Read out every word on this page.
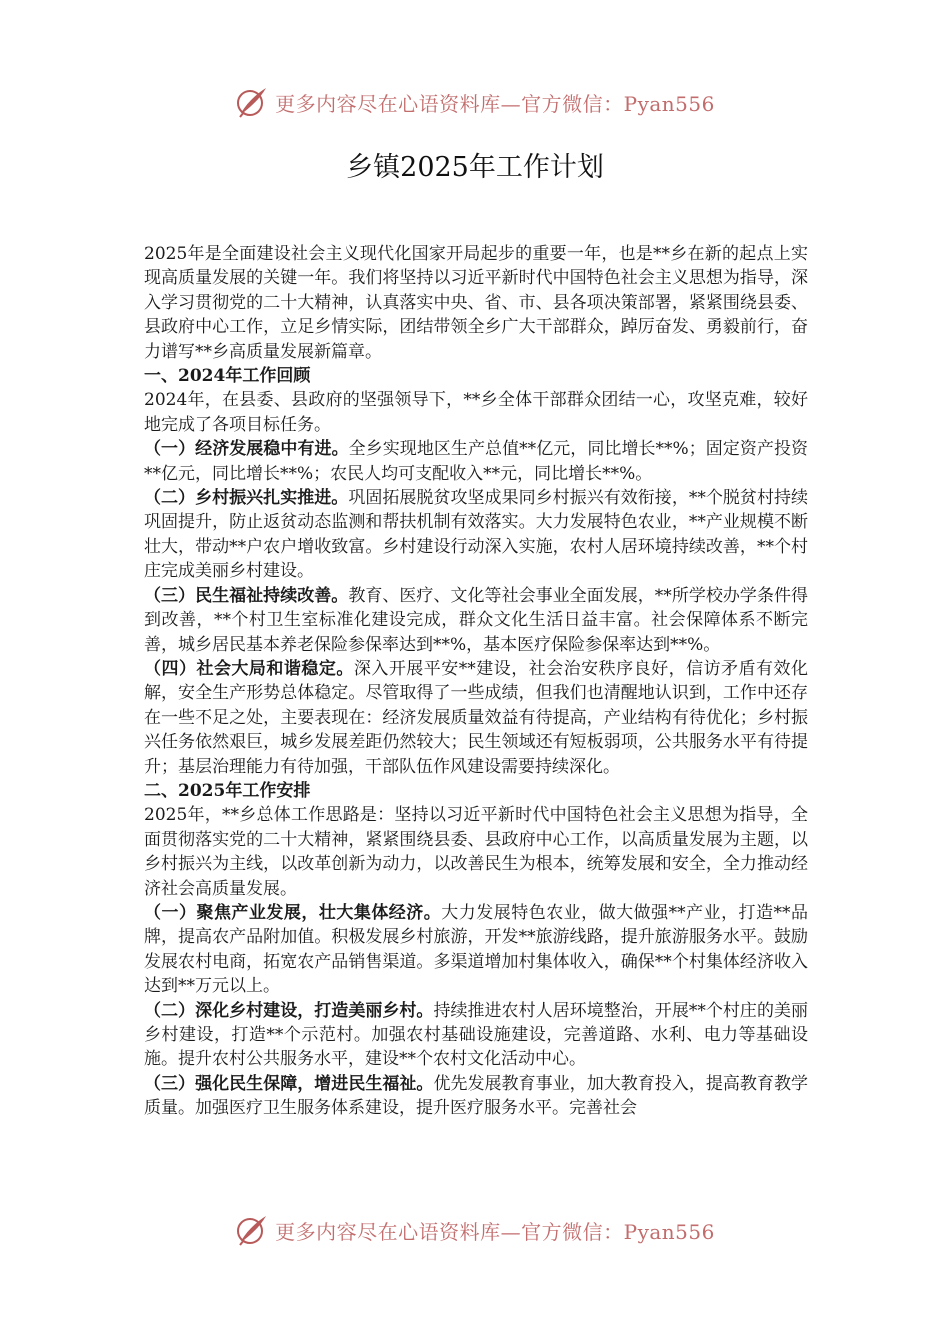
更多内容尽在心语资料库—官方微信：Pyan556
乡镇2025年工作计划

2025年是全面建设社会主义现代化国家开局起步的重要一年，也是**乡在新的起点上实现高质量发展的关键一年。我们将坚持以习近平新时代中国特色社会主义思想为指导，深入学习贯彻党的二十大精神，认真落实中央、省、市、县各项决策部署，紧紧围绕县委、县政府中心工作，立足乡情实际，团结带领全乡广大干部群众，踔厉奋发、勇毅前行，奋力谱写**乡高质量发展新篇章。

一、2024年工作回顾

2024年，在县委、县政府的坚强领导下，**乡全体干部群众团结一心，攻坚克难，较好地完成了各项目标任务。

（一）经济发展稳中有进。全乡实现地区生产总值**亿元，同比增长**%；固定资产投资**亿元，同比增长**%；农民人均可支配收入**元，同比增长**%。

（二）乡村振兴扎实推进。巩固拓展脱贫攻坚成果同乡村振兴有效衔接，**个脱贫村持续巩固提升，防止返贫动态监测和帮扶机制有效落实。大力发展特色农业，**产业规模不断壮大，带动**户农户增收致富。乡村建设行动深入实施，农村人居环境持续改善，**个村庄完成美丽乡村建设。

（三）民生福祉持续改善。教育、医疗、文化等社会事业全面发展，**所学校办学条件得到改善，**个村卫生室标准化建设完成，群众文化生活日益丰富。社会保障体系不断完善，城乡居民基本养老保险参保率达到**%，基本医疗保险参保率达到**%。

（四）社会大局和谐稳定。深入开展平安**建设，社会治安秩序良好，信访矛盾有效化解，安全生产形势总体稳定。尽管取得了一些成绩，但我们也清醒地认识到，工作中还存在一些不足之处，主要表现在：经济发展质量效益有待提高，产业结构有待优化；乡村振兴任务依然艰巨，城乡发展差距仍然较大；民生领域还有短板弱项，公共服务水平有待提升；基层治理能力有待加强，干部队伍作风建设需要持续深化。

二、2025年工作安排

2025年，**乡总体工作思路是：坚持以习近平新时代中国特色社会主义思想为指导，全面贯彻落实党的二十大精神，紧紧围绕县委、县政府中心工作，以高质量发展为主题，以乡村振兴为主线，以改革创新为动力，以改善民生为根本，统筹发展和安全，全力推动经济社会高质量发展。

（一）聚焦产业发展，壮大集体经济。大力发展特色农业，做大做强**产业，打造**品牌，提高农产品附加值。积极发展乡村旅游，开发**旅游线路，提升旅游服务水平。鼓励发展农村电商，拓宽农产品销售渠道。多渠道增加村集体收入，确保**个村集体经济收入达到**万元以上。

（二）深化乡村建设，打造美丽乡村。持续推进农村人居环境整治，开展**个村庄的美丽乡村建设，打造**个示范村。加强农村基础设施建设，完善道路、水利、电力等基础设施。提升农村公共服务水平，建设**个农村文化活动中心。

（三）强化民生保障，增进民生福祉。优先发展教育事业，加大教育投入，提高教育教学质量。加强医疗卫生服务体系建设，提升医疗服务水平。完善社会

更多内容尽在心语资料库—官方微信：Pyan556
